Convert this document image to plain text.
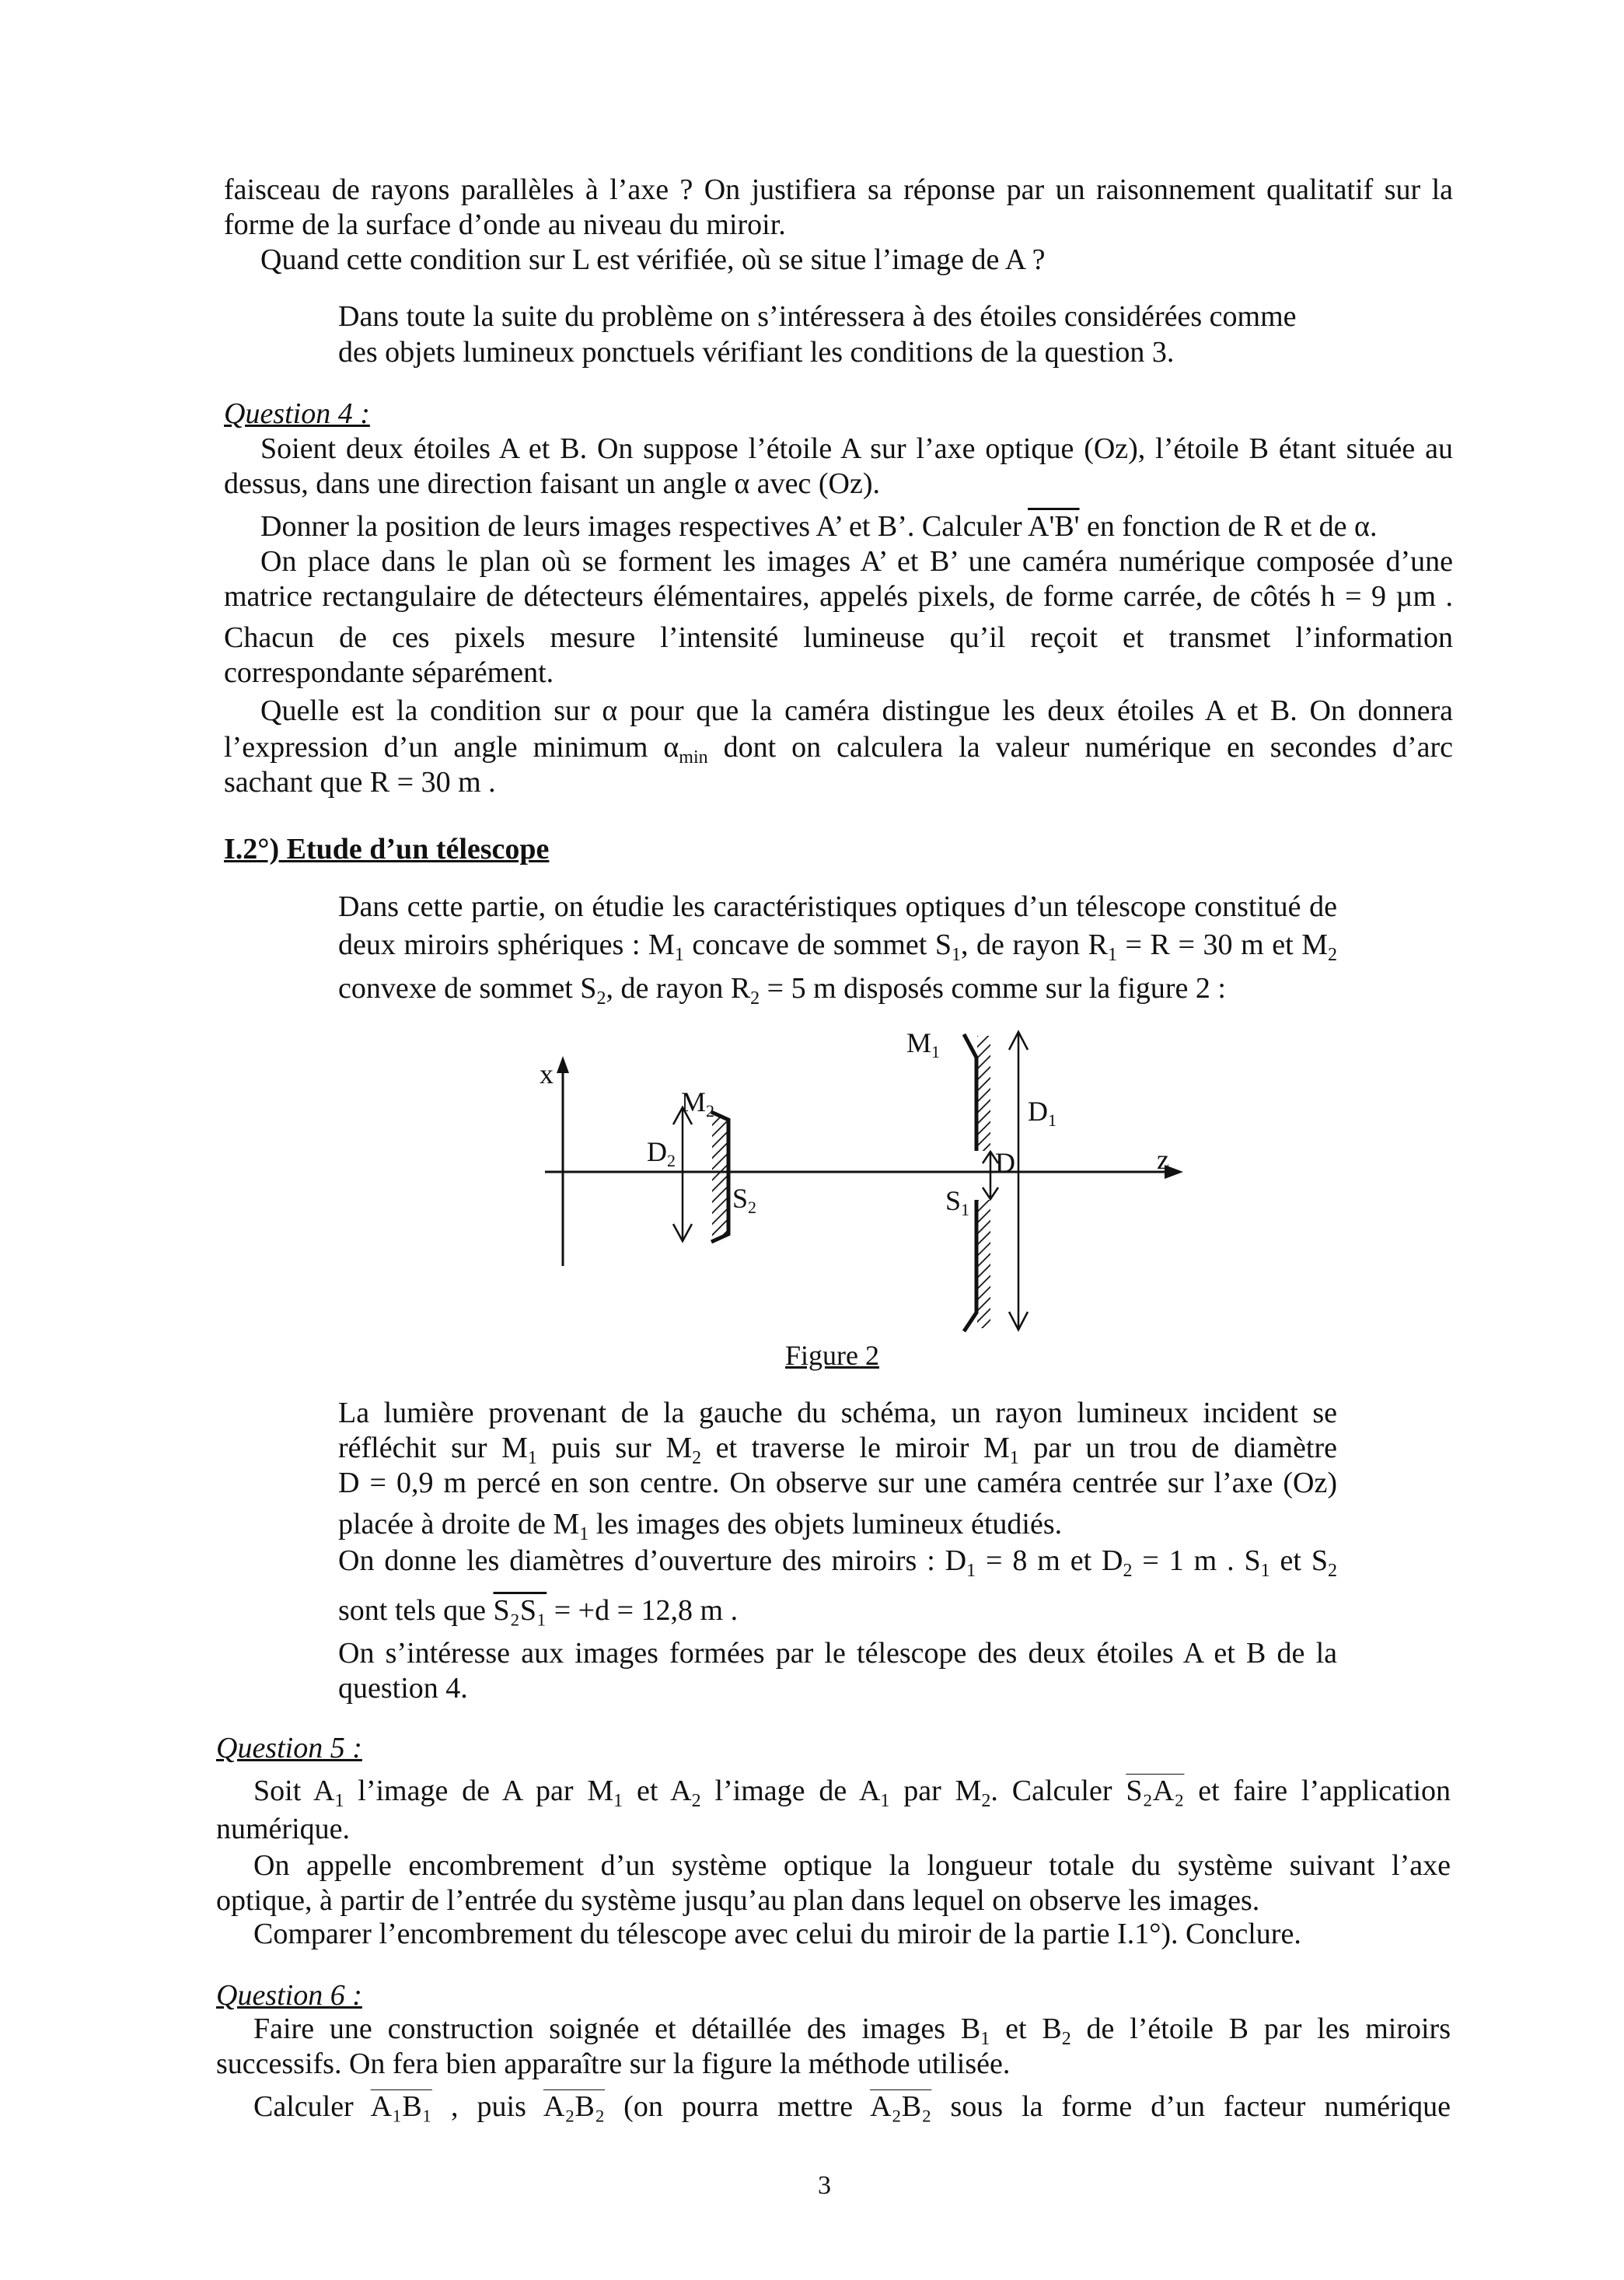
faisceau de rayons parallèles à l’axe ? On justifiera sa réponse par un raisonnement qualitatif sur la
forme de la surface d’onde au niveau du miroir.
Quand cette condition sur L est vérifiée, où se situe l’image de A ?
Dans toute la suite du problème on s’intéressera à des étoiles considérées comme
des objets lumineux ponctuels vérifiant les conditions de la question 3.
Question 4 :
Soient deux étoiles A et B. On suppose l’étoile A sur l’axe optique (Oz), l’étoile B étant située au
dessus, dans une direction faisant un angle α avec (Oz).
Donner la position de leurs images respectives A’ et B’. Calculer A'B' en fonction de R et de α.
On place dans le plan où se forment les images A’ et B’ une caméra numérique composée d’une
matrice rectangulaire de détecteurs élémentaires, appelés pixels, de forme carrée, de côtés h = 9 µm .
Chacun de ces pixels mesure l’intensité lumineuse qu’il reçoit et transmet l’information
correspondante séparément.
Quelle est la condition sur α pour que la caméra distingue les deux étoiles A et B. On donnera
l’expression d’un angle minimum $\alpha_{min}$ dont on calculera la valeur numérique en secondes d’arc
sachant que R = 30 m .
I.2°) Etude d’un télescope
Dans cette partie, on étudie les caractéristiques optiques d’un télescope constitué de
deux miroirs sphériques : $M_1$ concave de sommet $S_1$, de rayon $R_1 = R = 30$ m et $M_2$
convexe de sommet $S_2$, de rayon $R_2 = 5$ m disposés comme sur la figure 2 :
La lumière provenant de la gauche du schéma, un rayon lumineux incident se
réfléchit sur $M_1$ puis sur $M_2$ et traverse le miroir $M_1$ par un trou de diamètre
D = 0,9 m percé en son centre. On observe sur une caméra centrée sur l’axe (Oz)
placée à droite de $M_1$ les images des objets lumineux étudiés.
On donne les diamètres d’ouverture des miroirs : $D_1 = 8$ m et $D_2 = 1$ m . $S_1$ et $S_2$
sont tels que S₂S₁ = +d = 12,8 m .
On s’intéresse aux images formées par le télescope des deux étoiles A et B de la
question 4.
Question 5 :
Soit $A_1$ l’image de A par $M_1$ et $A_2$ l’image de $A_1$ par $M_2$. Calculer S₂A₂ et faire l’application
numérique.
On appelle encombrement d’un système optique la longueur totale du système suivant l’axe
optique, à partir de l’entrée du système jusqu’au plan dans lequel on observe les images.
Comparer l’encombrement du télescope avec celui du miroir de la partie I.1°). Conclure.
Question 6 :
Faire une construction soignée et détaillée des images $B_1$ et $B_2$ de l’étoile B par les miroirs
successifs. On fera bien apparaître sur la figure la méthode utilisée.
Calculer A₁B₁ , puis A₂B₂ (on pourra mettre A₂B₂ sous la forme d’un facteur numérique
x
z
$M_1$
$M_2$	$D_1$
$D_2$
$S_1$
$S_2$
D
Figure 2
3
